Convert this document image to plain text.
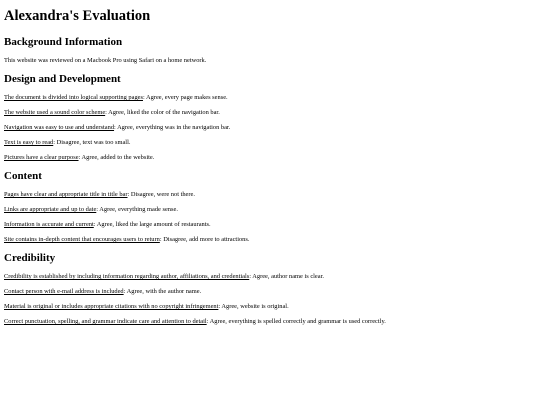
Alexandra's Evaluation
Background Information

This website was reviewed on a Macbook Pro using Safari on a home network.

Design and Development

The document is divided into logical supporting pages: Agree, every page makes sense.

The website used a sound color scheme: Agree, liked the color of the navigation bar.

Navigation was easy to use and understand: Agree, everything was in the navigation bar.

Text is easy to read: Disagree, text was too small.

Pictures have a clear purpose: Agree, added to the website.

Content

Pages have clear and appropriate title in title bar: Disagree, were not there.

Links are appropriate and up to date: Agree, everything made sense.

Information is accurate and current: Agree, liked the large amount of restaurants.

Site contains in-depth content that encourages users to return: Disagree, add more to attractions.

Credibility

Credibility is established by including information regarding author, affiliations, and credentials: Agree, author name is clear.

Contact person with e-mail address is included: Agree, with the author name.

Material is original or includes appropriate citations with no copyright infringement: Agree, website is original.

Correct punctuation, spelling, and grammar indicate care and attention to detail: Agree, everything is spelled correctly and grammar is used correctly.
